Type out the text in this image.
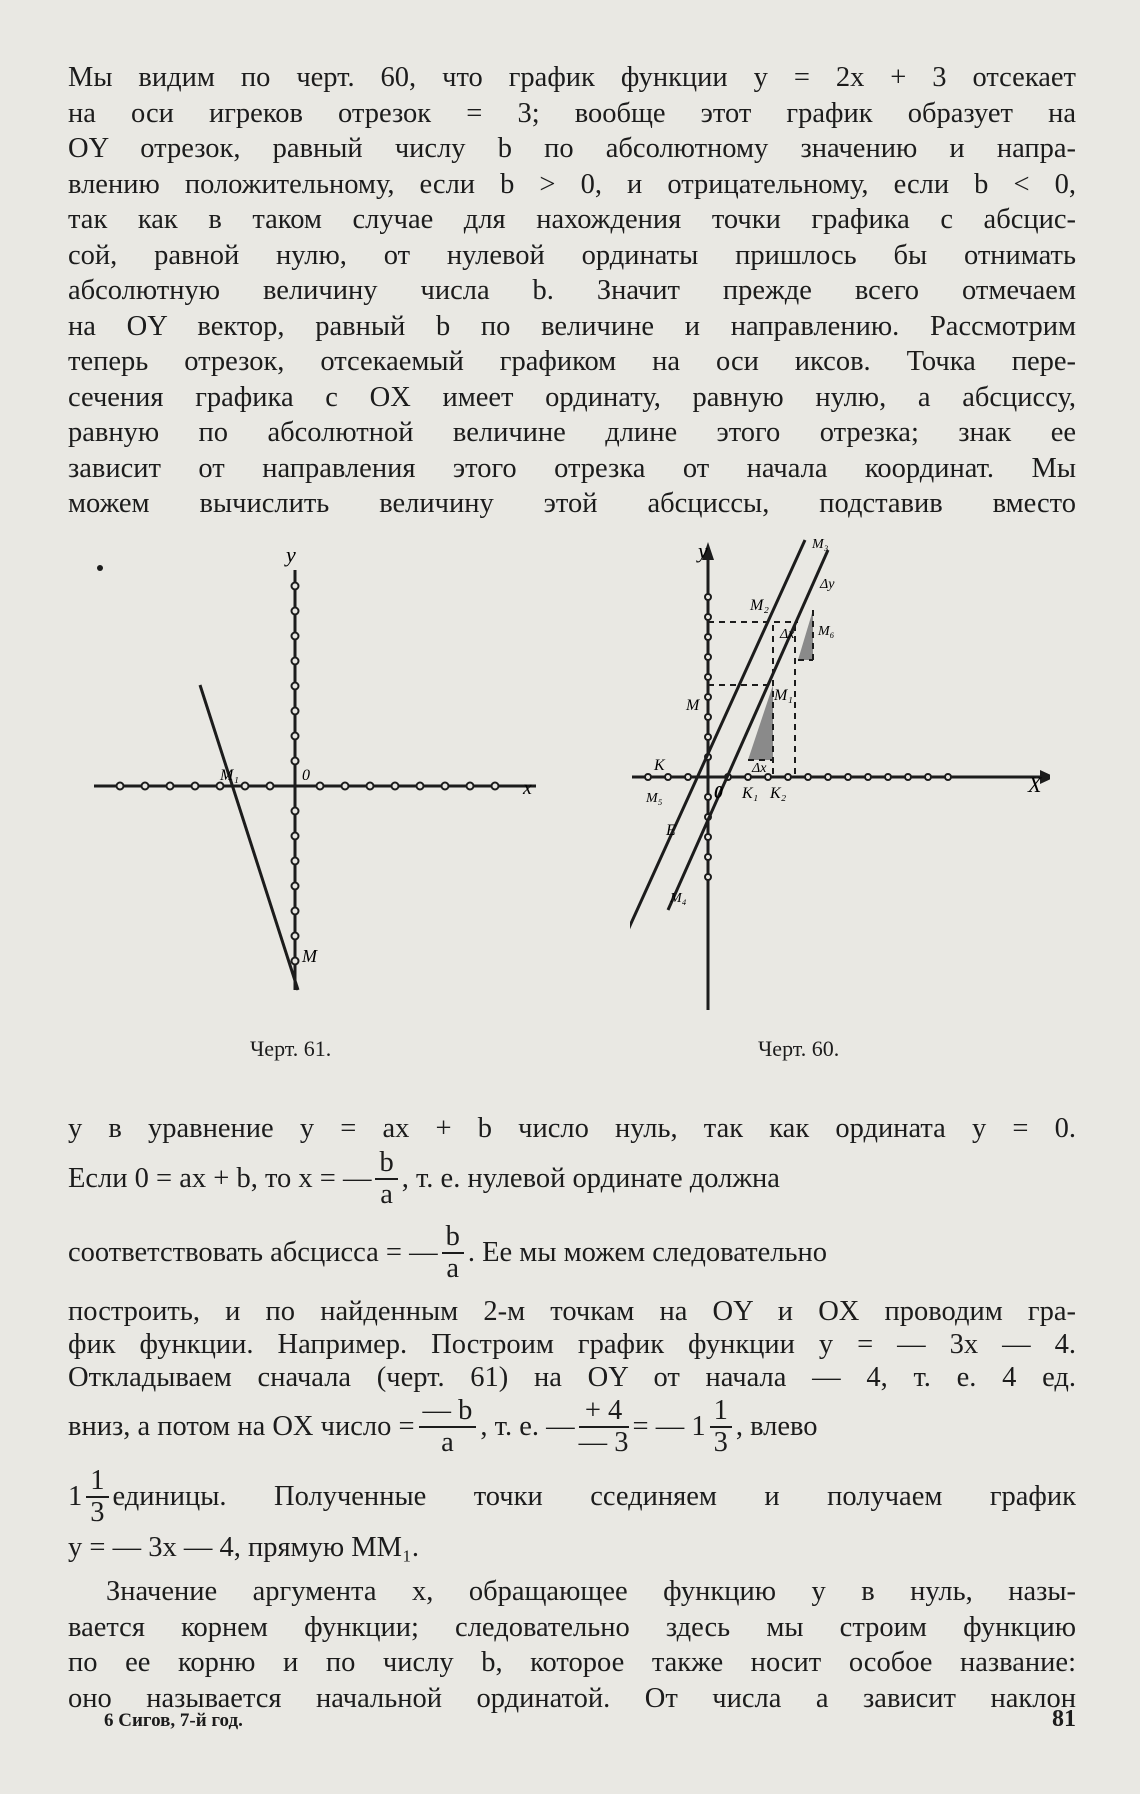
Мы видим по черт. 60, что график функции y = 2x + 3 отсекает
на оси игреков отрезок = 3; вообще этот график образует на
OY отрезок, равный числу b по абсолютному значению и напра-
влению положительному, если b > 0, и отрицательному, если b < 0,
так как в таком случае для нахождения точки графика с абсцис-
сой, равной нулю, от нулевой ординаты пришлось бы отнимать
абсолютную величину числа b. Значит прежде всего отмечаем
на OY вектор, равный b по величине и направлению. Рассмотрим
теперь отрезок, отсекаемый графиком на оси иксов. Точка пере-
сечения графика с OX имеет ординату, равную нулю, а абсциссу,
равную по абсолютной величине длине этого отрезка; знак ее
зависит от направления этого отрезка от начала координат. Мы
можем вычислить величину этой абсциссы, подставив вместо
y
x
0
M₁
M
Черт. 61.
y
X
0
K
K₁ K₂
M
M₁
M₂
M₃
M₄
M₅
M₆
E
Δx
Δx
Δy
Черт. 60.
y в уравнение y = ax + b число нуль, так как ордината y = 0.
Если 0 = ax + b, то x = — $\frac{b}{a}$ , т. е. нулевой ординате должна
соответствовать абсцисса = — $\frac{b}{a}$ . Ее мы можем следовательно
построить, и по найденным 2-м точкам на OY и OX проводим гра-
фик функции. Например. Построим график функции y = — 3x — 4.
Откладываем сначала (черт. 61) на OY от начала — 4, т. е. 4 ед.
вниз, а потом на OX число = $\frac{— b}{a}$ , т. е. — $\frac{+ 4}{— 3}$ = — $1 \frac{1}{3}$ , влево
$1 \frac{1}{3}$ единицы. Полученные точки ссединяем и получаем график
y = — 3x — 4, прямую MM₁.
Значение аргумента x, обращающее функцию y в нуль, назы-
вается корнем функции; следовательно здесь мы строим функцию
по ее корню и по числу b, которое также носит особое название:
оно называется начальной ординатой. От числа a зависит наклон
6 Сигов, 7-й год.	81
